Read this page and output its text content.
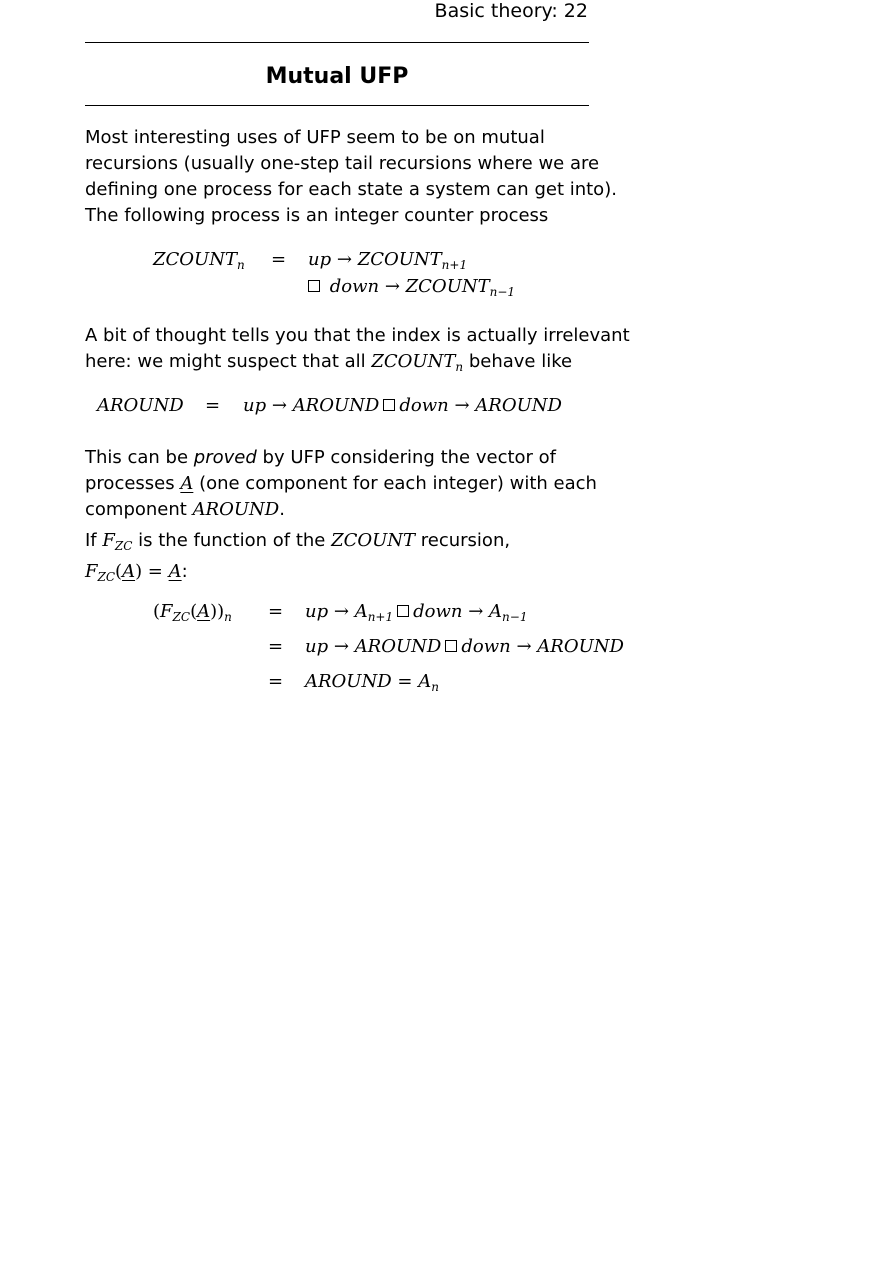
Basic theory: 22
Mutual UFP
Most interesting uses of UFP seem to be on mutual
recursions (usually one-step tail recursions where we are
defining one process for each state a system can get into).
The following process is an integer counter process
$ZCOUNT_n$ = up → $ZCOUNT_{n+1}$
down → $ZCOUNT_{n-1}$
A bit of thought tells you that the index is actually irrelevant
here: we might suspect that all $ZCOUNT_n$ behave like
AROUND = up → AROUND down → AROUND
This can be proved by UFP considering the vector of
processes A (one component for each integer) with each
component AROUND.
If $F_{ZC}$ is the function of the ZCOUNT recursion,
$F_{ZC}(A) = A$:
$(F_{ZC}(A))_n$ = up → $A_{n+1}$ down → $A_{n-1}$
= up → AROUND down → AROUND
= AROUND = $A_n$
